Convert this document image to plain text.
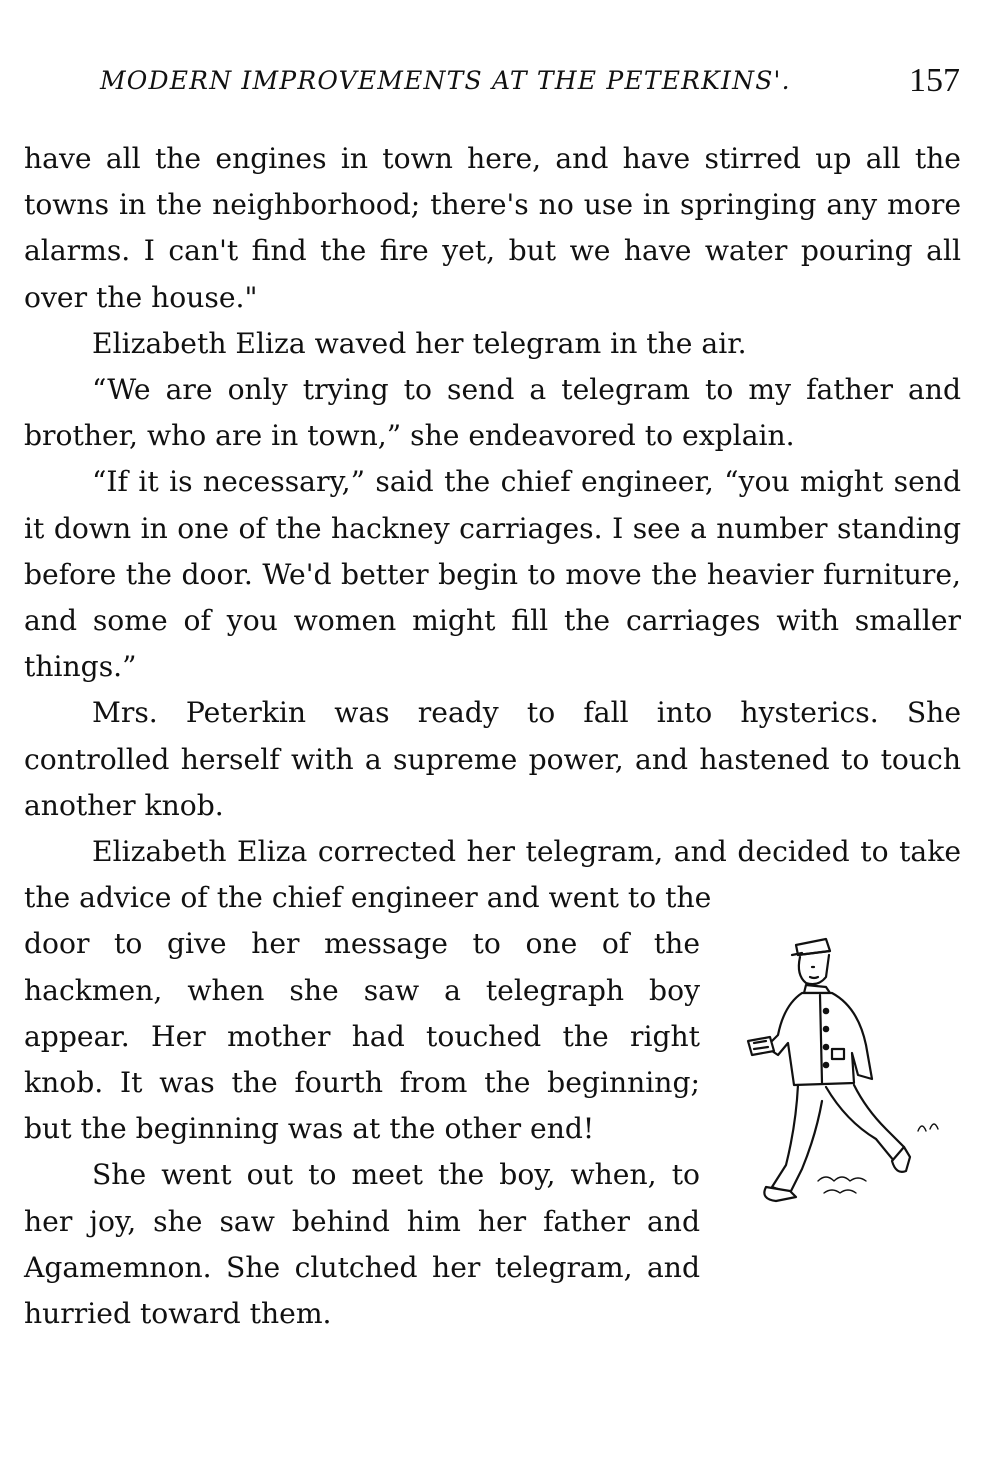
MODERN IMPROVEMENTS AT THE PETERKINS'.	157

have all the engines in town here, and have stirred up all the towns in the neighborhood; there's no use in springing any more alarms. I can't find the fire yet, but we have water pouring all over the house."

Elizabeth Eliza waved her telegram in the air.

“We are only trying to send a telegram to my father and brother, who are in town,” she endeavored to explain.

“If it is necessary,” said the chief engineer, “you might send it down in one of the hackney carriages. I see a number standing before the door. We'd better begin to move the heavier furniture, and some of you women might fill the carriages with smaller things.”

Mrs. Peterkin was ready to fall into hysterics. She controlled herself with a supreme power, and hastened to touch another knob.

Elizabeth Eliza corrected her telegram, and decided to take the advice of the chief engineer and went to the

door to give her message to one of the hackmen, when she saw a telegraph boy appear. Her mother had touched the right knob. It was the fourth from the beginning; but the beginning was at the other end!

She went out to meet the boy, when, to her joy, she saw behind him her father and Agamemnon. She clutched her telegram, and hurried toward them.
